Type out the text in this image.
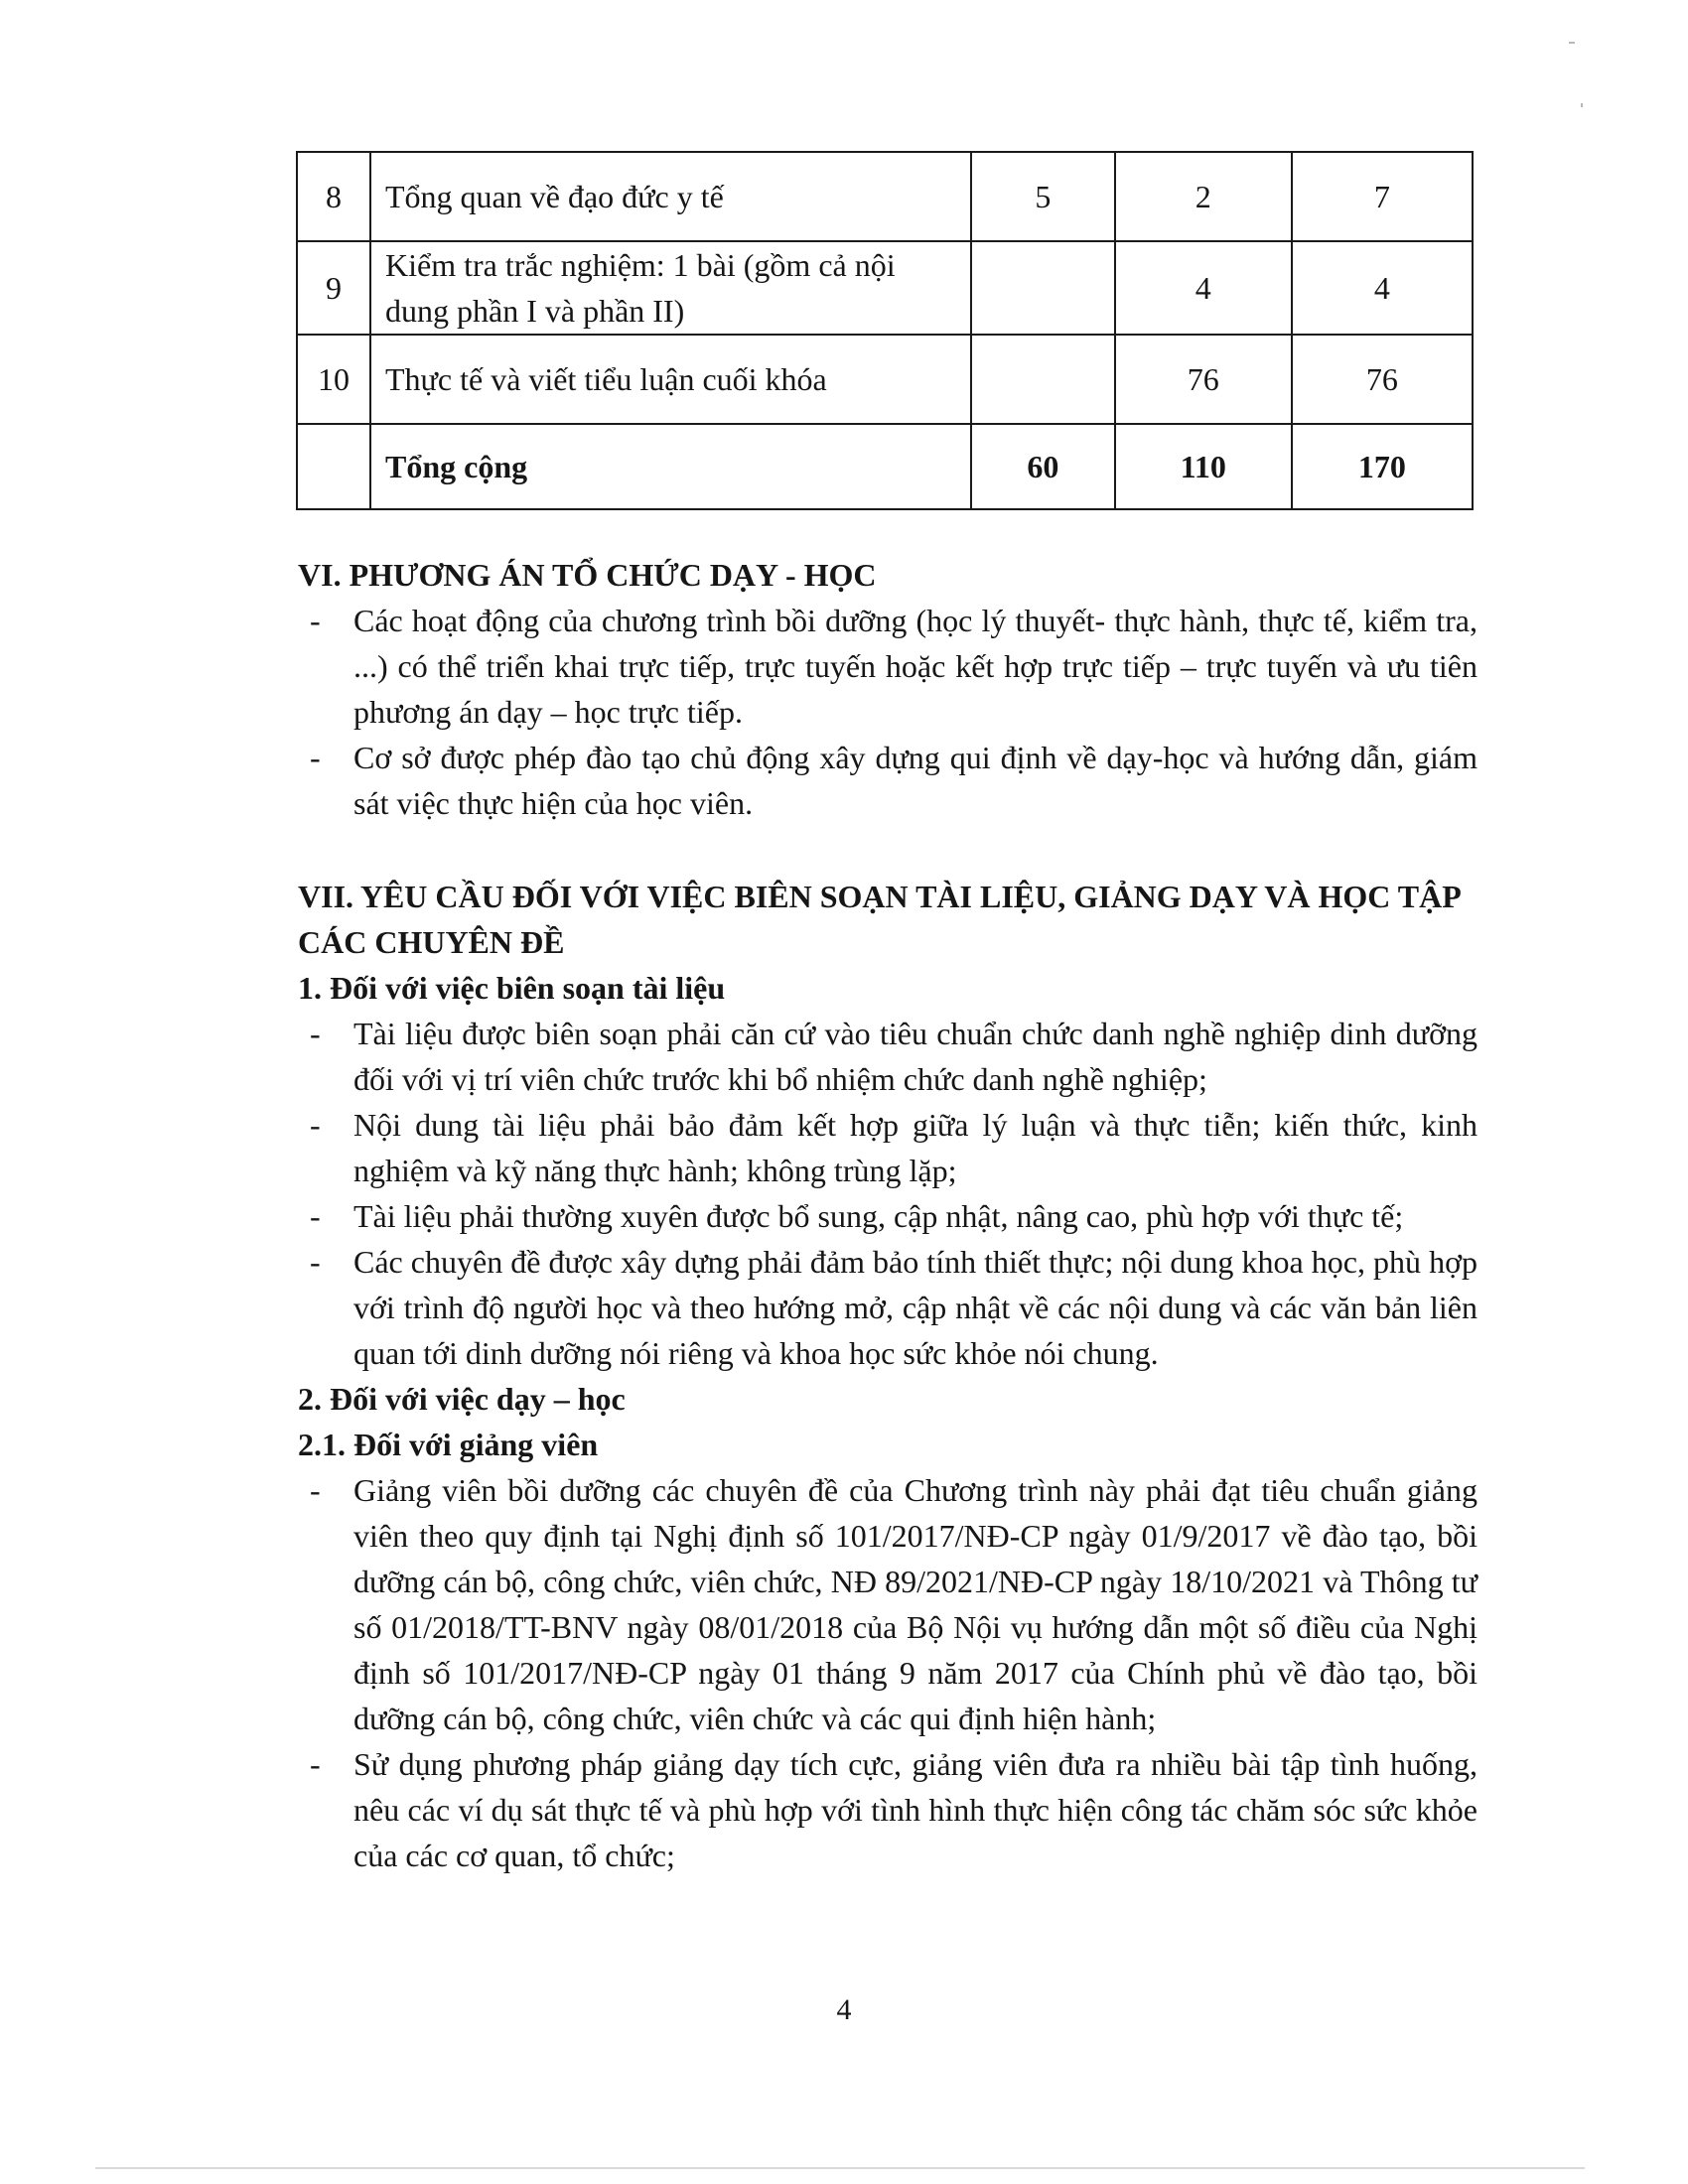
8	Tổng quan về đạo đức y tế	5	2	7
9	Kiểm tra trắc nghiệm: 1 bài (gồm cả nội dung phần I và phần II)		4	4
10	Thực tế và viết tiểu luận cuối khóa		76	76
	Tổng cộng	60	110	170

VI. PHƯƠNG ÁN TỔ CHỨC DẠY - HỌC

- Các hoạt động của chương trình bồi dưỡng (học lý thuyết- thực hành, thực tế, kiểm tra, ...) có thể triển khai trực tiếp, trực tuyến hoặc kết hợp trực tiếp – trực tuyến và ưu tiên phương án dạy – học trực tiếp.
- Cơ sở được phép đào tạo chủ động xây dựng qui định về dạy-học và hướng dẫn, giám sát việc thực hiện của học viên.

VII. YÊU CẦU ĐỐI VỚI VIỆC BIÊN SOẠN TÀI LIỆU, GIẢNG DẠY VÀ HỌC TẬP CÁC CHUYÊN ĐỀ

1. Đối với việc biên soạn tài liệu

- Tài liệu được biên soạn phải căn cứ vào tiêu chuẩn chức danh nghề nghiệp dinh dưỡng đối với vị trí viên chức trước khi bổ nhiệm chức danh nghề nghiệp;
- Nội dung tài liệu phải bảo đảm kết hợp giữa lý luận và thực tiễn; kiến thức, kinh nghiệm và kỹ năng thực hành; không trùng lặp;
- Tài liệu phải thường xuyên được bổ sung, cập nhật, nâng cao, phù hợp với thực tế;
- Các chuyên đề được xây dựng phải đảm bảo tính thiết thực; nội dung khoa học, phù hợp với trình độ người học và theo hướng mở, cập nhật về các nội dung và các văn bản liên quan tới dinh dưỡng nói riêng và khoa học sức khỏe nói chung.

2. Đối với việc dạy – học

2.1. Đối với giảng viên

- Giảng viên bồi dưỡng các chuyên đề của Chương trình này phải đạt tiêu chuẩn giảng viên theo quy định tại Nghị định số 101/2017/NĐ-CP ngày 01/9/2017 về đào tạo, bồi dưỡng cán bộ, công chức, viên chức, NĐ 89/2021/NĐ-CP ngày 18/10/2021 và Thông tư số 01/2018/TT-BNV ngày 08/01/2018 của Bộ Nội vụ hướng dẫn một số điều của Nghị định số 101/2017/NĐ-CP ngày 01 tháng 9 năm 2017 của Chính phủ về đào tạo, bồi dưỡng cán bộ, công chức, viên chức và các qui định hiện hành;
- Sử dụng phương pháp giảng dạy tích cực, giảng viên đưa ra nhiều bài tập tình huống, nêu các ví dụ sát thực tế và phù hợp với tình hình thực hiện công tác chăm sóc sức khỏe của các cơ quan, tổ chức;
4
